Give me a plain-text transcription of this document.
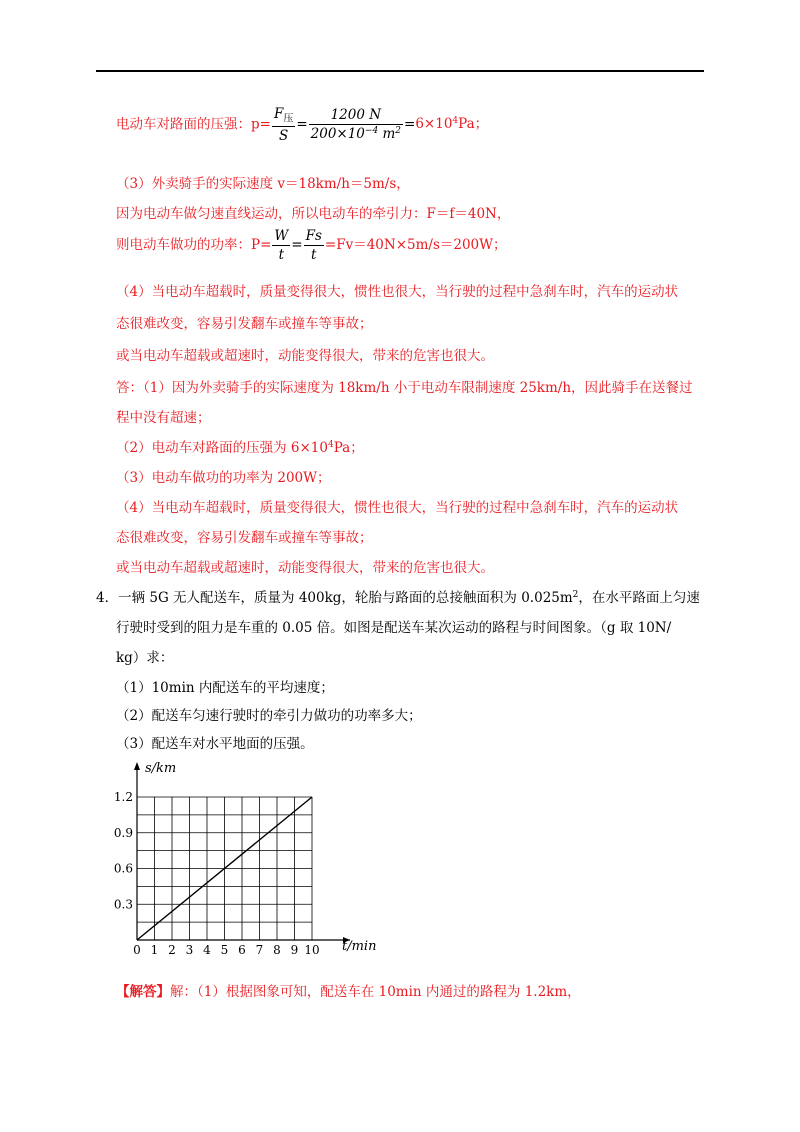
电动车对路面的压强：$p= \frac{F_压}{S} = \frac{1200 N}{200\times 10^{-4} m^2} =6\times 10^4Pa$；
（3）外卖骑手的实际速度 v＝18km/h＝5m/s，
因为电动车做匀速直线运动，所以电动车的牵引力：F＝f＝40N，
则电动车做功的功率：$P= \frac{W}{t} = \frac{Fs}{t} =Fv=40N\times 5m/s=200W$；
（4）当电动车超载时，质量变得很大，惯性也很大，当行驶的过程中急刹车时，汽车的运动状
态很难改变，容易引发翻车或撞车等事故；
或当电动车超载或超速时，动能变得很大，带来的危害也很大。
答：（1）因为外卖骑手的实际速度为 18km/h 小于电动车限制速度 25km/h，因此骑手在送餐过
程中没有超速；
（2）电动车对路面的压强为 $6\times 10^4Pa$；
（3）电动车做功的功率为 200W；
（4）当电动车超载时，质量变得很大，惯性也很大，当行驶的过程中急刹车时，汽车的运动状
态很难改变，容易引发翻车或撞车等事故；
或当电动车超载或超速时，动能变得很大，带来的危害也很大。
4．一辆 5G 无人配送车，质量为 400kg，轮胎与路面的总接触面积为 $0.025m^2$，在水平路面上匀速
行驶时受到的阻力是车重的 0.05 倍。如图是配送车某次运动的路程与时间图象。（g 取 10N/
kg）求：
（1）10min 内配送车的平均速度；
（2）配送车匀速行驶时的牵引力做功的功率多大；
（3）配送车对水平地面的压强。
0 1 2 3 4 5 6 7 8 9 10
0.3
0.6
0.9
1.2
t/min
s/km
【解答】解：（1）根据图象可知，配送车在 10min 内通过的路程为 1.2km，
